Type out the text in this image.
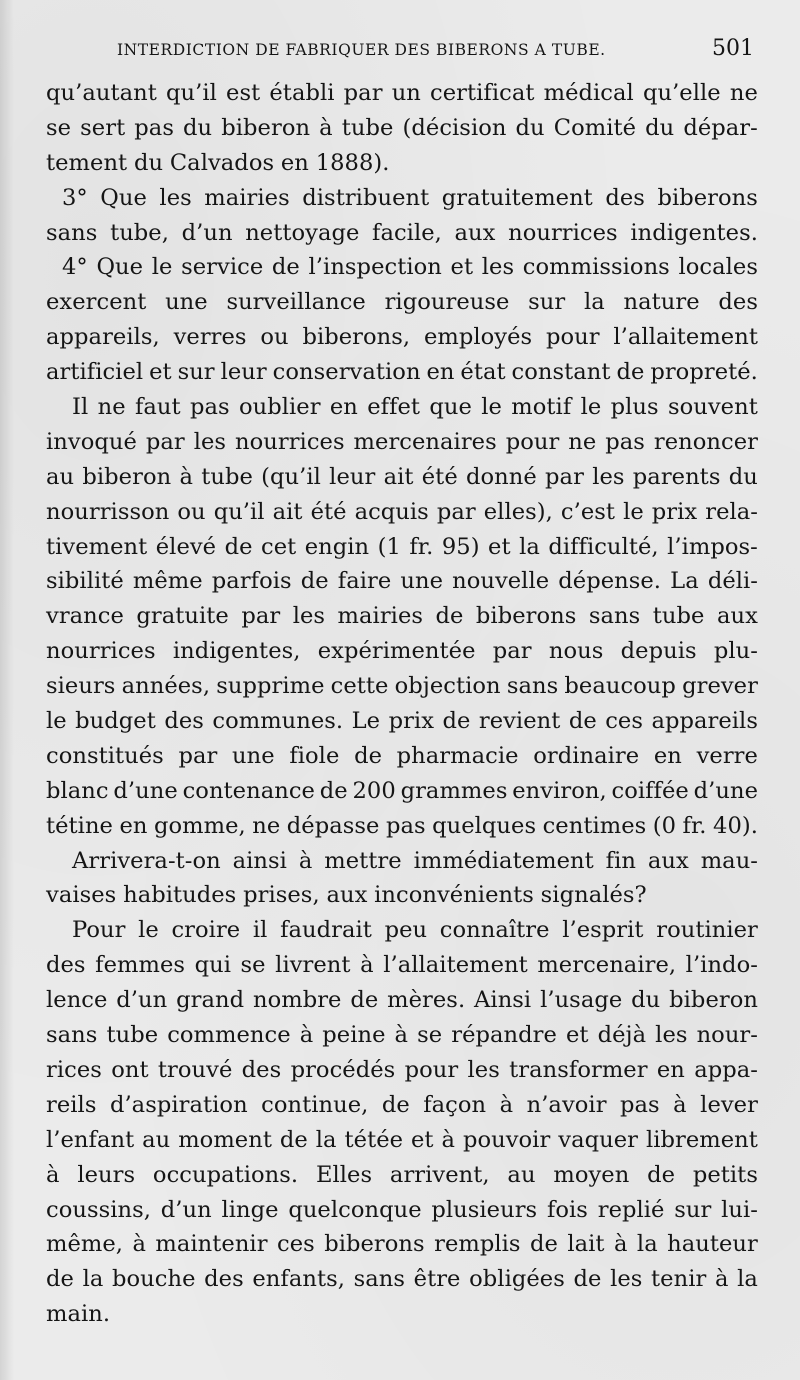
INTERDICTION DE FABRIQUER DES BIBERONS A TUBE.	501
qu’autant qu’il est établi par un certificat médical qu’elle ne
se sert pas du biberon à tube (décision du Comité du dépar-
tement du Calvados en 1888).
3° Que les mairies distribuent gratuitement des biberons
sans tube, d’un nettoyage facile, aux nourrices indigentes.
4° Que le service de l’inspection et les commissions locales
exercent une surveillance rigoureuse sur la nature des
appareils, verres ou biberons, employés pour l’allaitement
artificiel et sur leur conservation en état constant de propreté.
Il ne faut pas oublier en effet que le motif le plus souvent
invoqué par les nourrices mercenaires pour ne pas renoncer
au biberon à tube (qu’il leur ait été donné par les parents du
nourrisson ou qu’il ait été acquis par elles), c’est le prix rela-
tivement élevé de cet engin (1 fr. 95) et la difficulté, l’impos-
sibilité même parfois de faire une nouvelle dépense. La déli-
vrance gratuite par les mairies de biberons sans tube aux
nourrices indigentes, expérimentée par nous depuis plu-
sieurs années, supprime cette objection sans beaucoup grever
le budget des communes. Le prix de revient de ces appareils
constitués par une fiole de pharmacie ordinaire en verre
blanc d’une contenance de 200 grammes environ, coiffée d’une
tétine en gomme, ne dépasse pas quelques centimes (0 fr. 40).
Arrivera-t-on ainsi à mettre immédiatement fin aux mau-
vaises habitudes prises, aux inconvénients signalés?
Pour le croire il faudrait peu connaître l’esprit routinier
des femmes qui se livrent à l’allaitement mercenaire, l’indo-
lence d’un grand nombre de mères. Ainsi l’usage du biberon
sans tube commence à peine à se répandre et déjà les nour-
rices ont trouvé des procédés pour les transformer en appa-
reils d’aspiration continue, de façon à n’avoir pas à lever
l’enfant au moment de la tétée et à pouvoir vaquer librement
à leurs occupations. Elles arrivent, au moyen de petits
coussins, d’un linge quelconque plusieurs fois replié sur lui-
même, à maintenir ces biberons remplis de lait à la hauteur
de la bouche des enfants, sans être obligées de les tenir à la
main.
